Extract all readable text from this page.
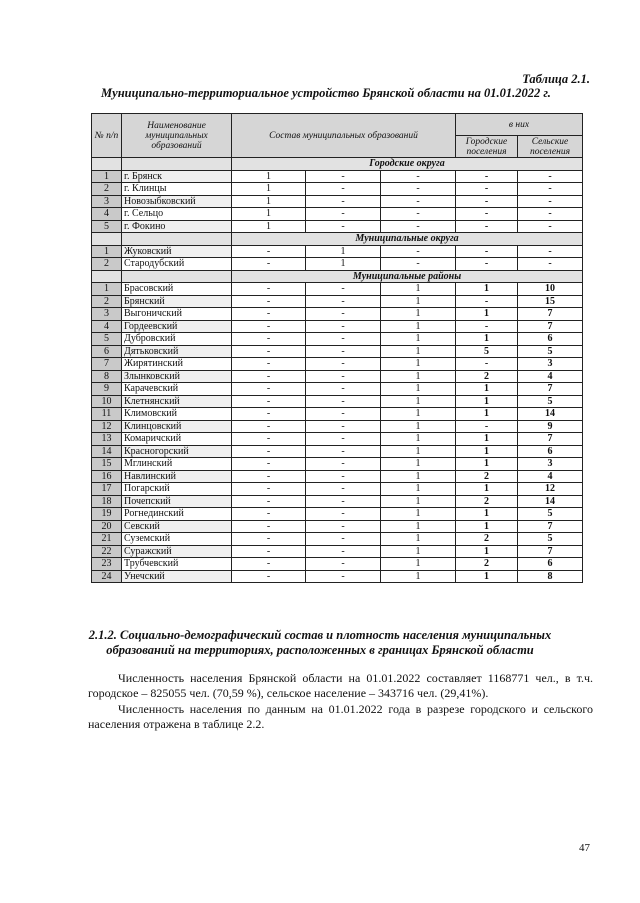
Таблица 2.1.
Муниципально-территориальное устройство Брянской области на 01.01.2022 г.
№ п/п	Наименование муниципальных образований	Состав муниципальных образований			в них	
					Городские поселения	Сельские поселения
		Городские округа				
1	г. Брянск	1	-	-	-	-
2	г. Клинцы	1	-	-	-	-
3	Новозыбковский	1	-	-	-	-
4	г. Сельцо	1	-	-	-	-
5	г. Фокино	1	-	-	-	-
		Муниципальные округа				
1	Жуковский	-	1	-	-	-
2	Стародубский	-	1	-	-	-
		Муниципальные районы				
1	Брасовский	-	-	1	1	10
2	Брянский	-	-	1	-	15
3	Выгоничский	-	-	1	1	7
4	Гордеевский	-	-	1	-	7
5	Дубровский	-	-	1	1	6
6	Дятьковский	-	-	1	5	5
7	Жирятинский	-	-	1	-	3
8	Злынковский	-	-	1	2	4
9	Карачевский	-	-	1	1	7
10	Клетнянский	-	-	1	1	5
11	Климовский	-	-	1	1	14
12	Клинцовский	-	-	1	-	9
13	Комаричский	-	-	1	1	7
14	Красногорский	-	-	1	1	6
15	Мглинский	-	-	1	1	3
16	Навлинский	-	-	1	2	4
17	Погарский	-	-	1	1	12
18	Почепский	-	-	1	2	14
19	Рогнединский	-	-	1	1	5
20	Севский	-	-	1	1	7
21	Суземский	-	-	1	2	5
22	Суражский	-	-	1	1	7
23	Трубчевский	-	-	1	2	6
24	Унечский	-	-	1	1	8
2.1.2. Социально-демографический состав и плотность населения муниципальных образований на территориях, расположенных в границах Брянской области
Численность населения Брянской области на 01.01.2022 составляет 1168771 чел., в т.ч. городское – 825055 чел. (70,59 %), сельское население – 343716 чел. (29,41%).
Численность населения по данным на 01.01.2022 года в разрезе городского и сельского населения отражена в таблице 2.2.
47
